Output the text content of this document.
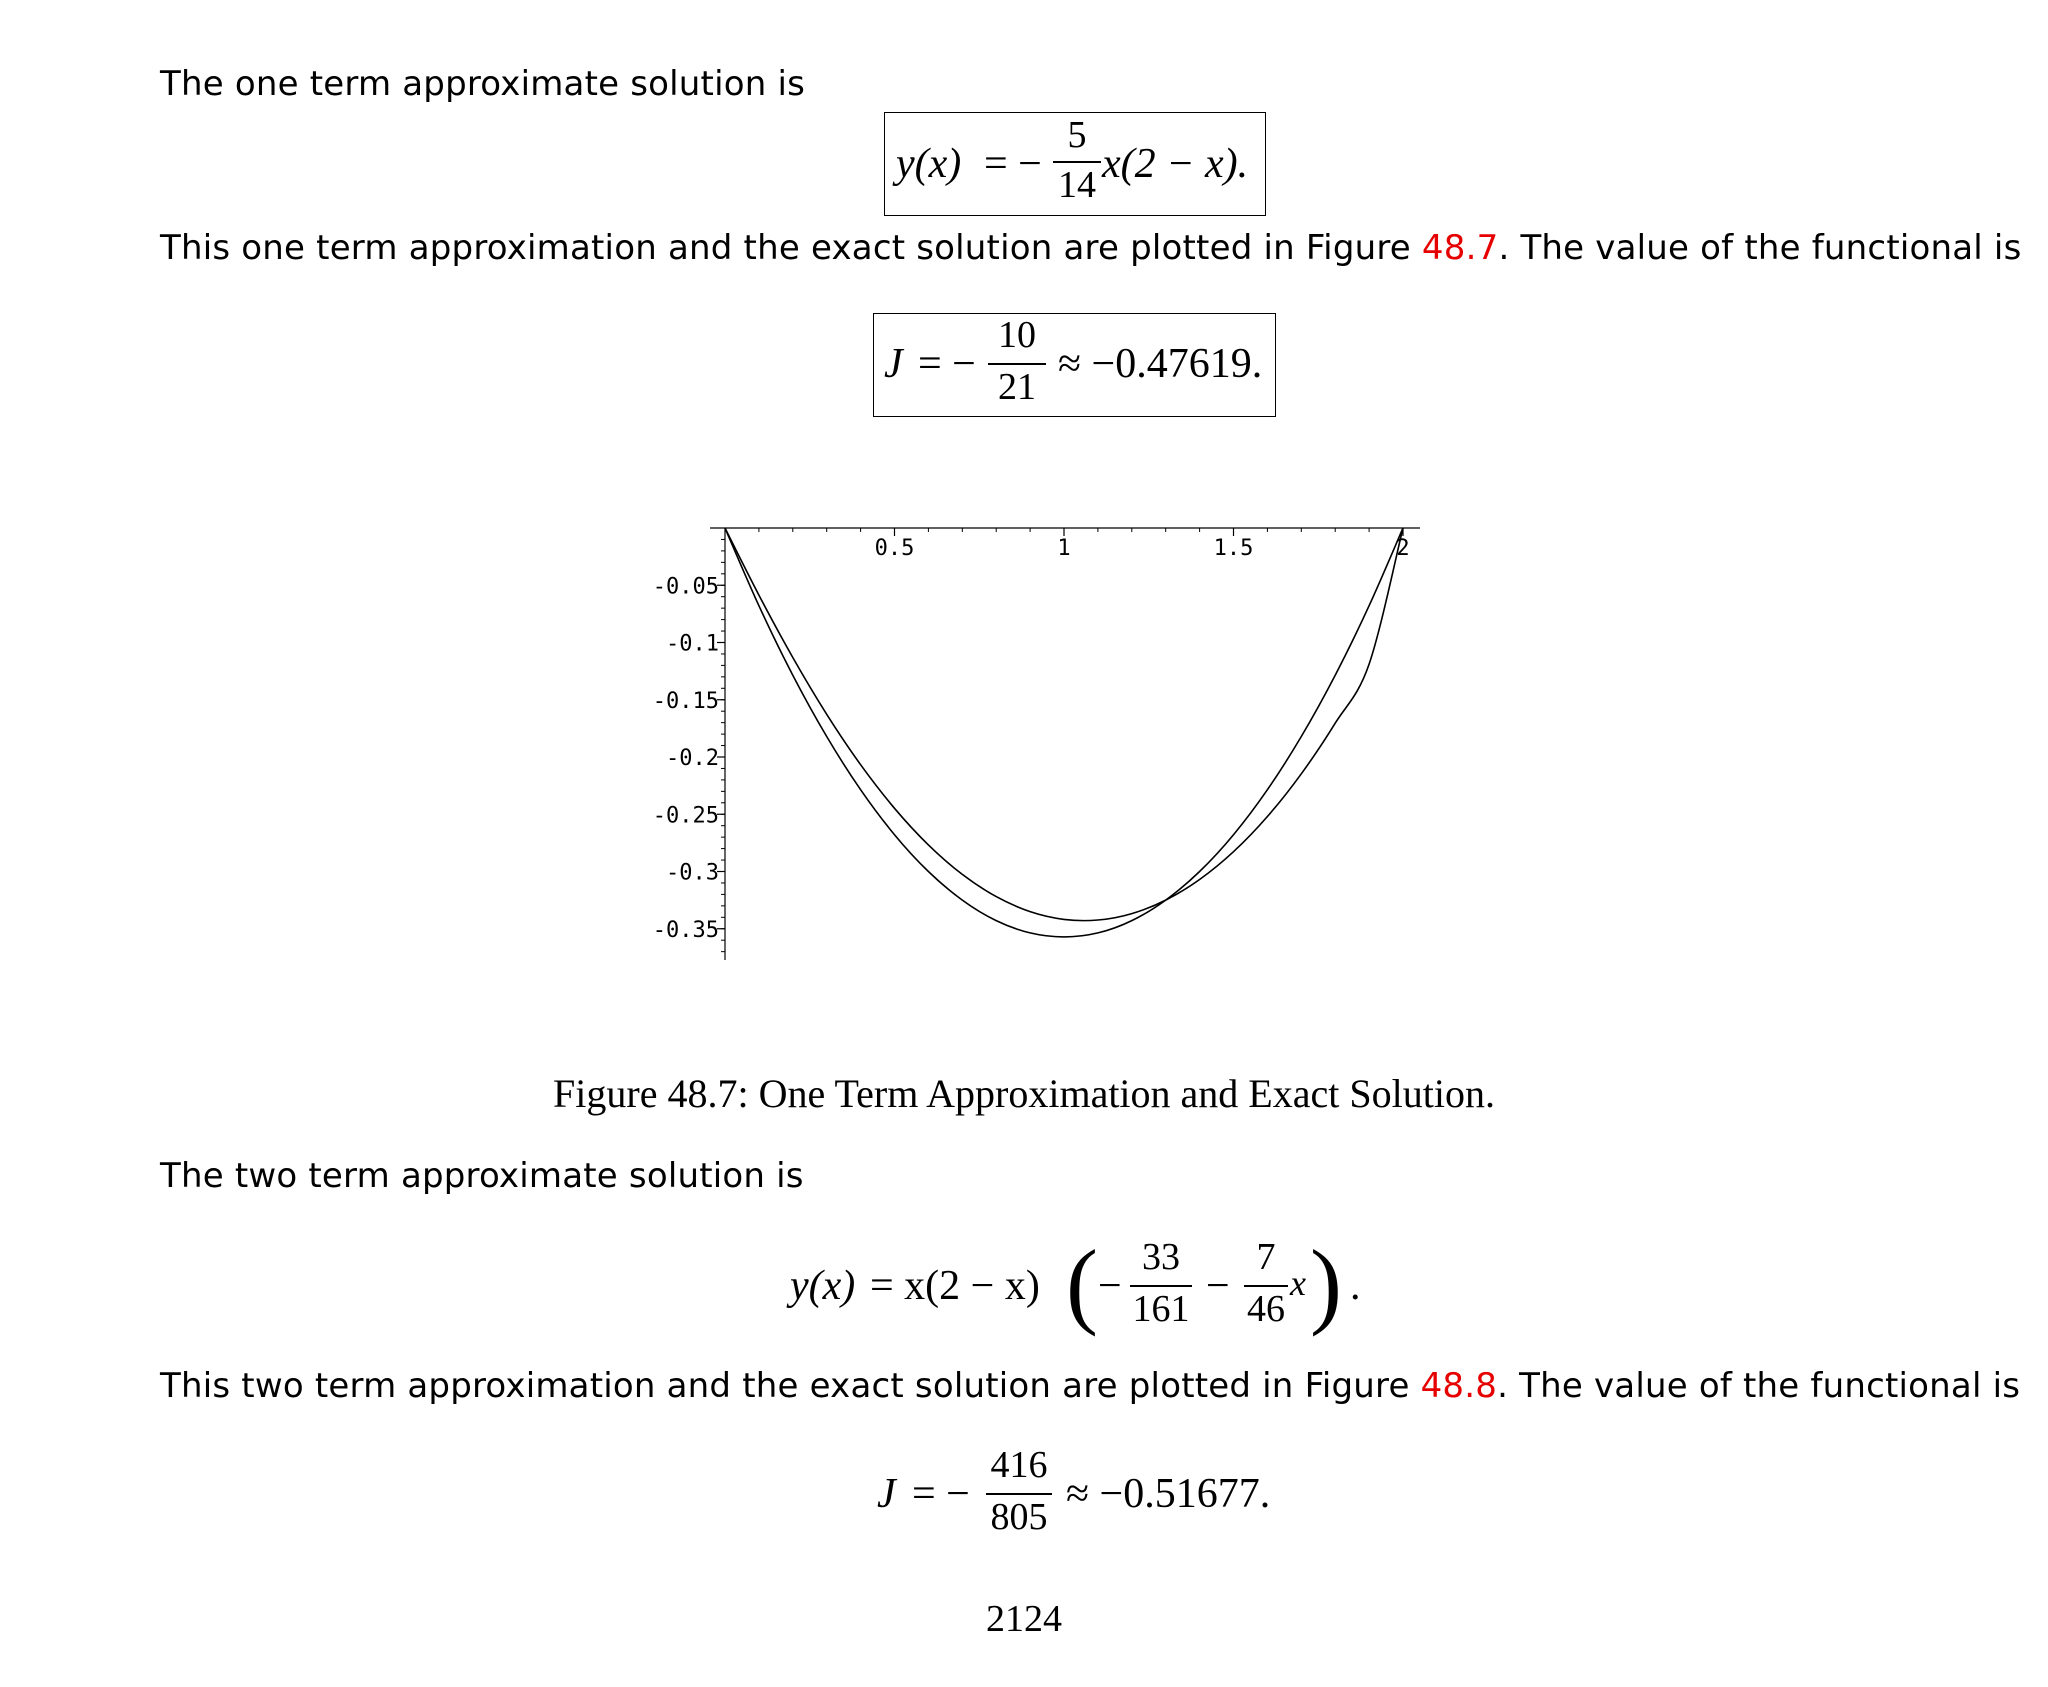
The one term approximate solution is
y(x) = −
5
14 x(2 − x).
This one term approximation and the exact solution are plotted in Figure 48.7. The value of the functional is
J = −
10
21 ≈ −0.47619.
0.5	1	1.5	2
-0.05
-0.1
-0.15
-0.2
-0.25
-0.3
-0.35
Figure 48.7: One Term Approximation and Exact Solution.
The two term approximate solution is
y(x) = x(2 − x) ( −
33
161 −
7
46
x ) .
This two term approximation and the exact solution are plotted in Figure 48.8. The value of the functional is
J = −
416
805 ≈ −0.51677.
2124
